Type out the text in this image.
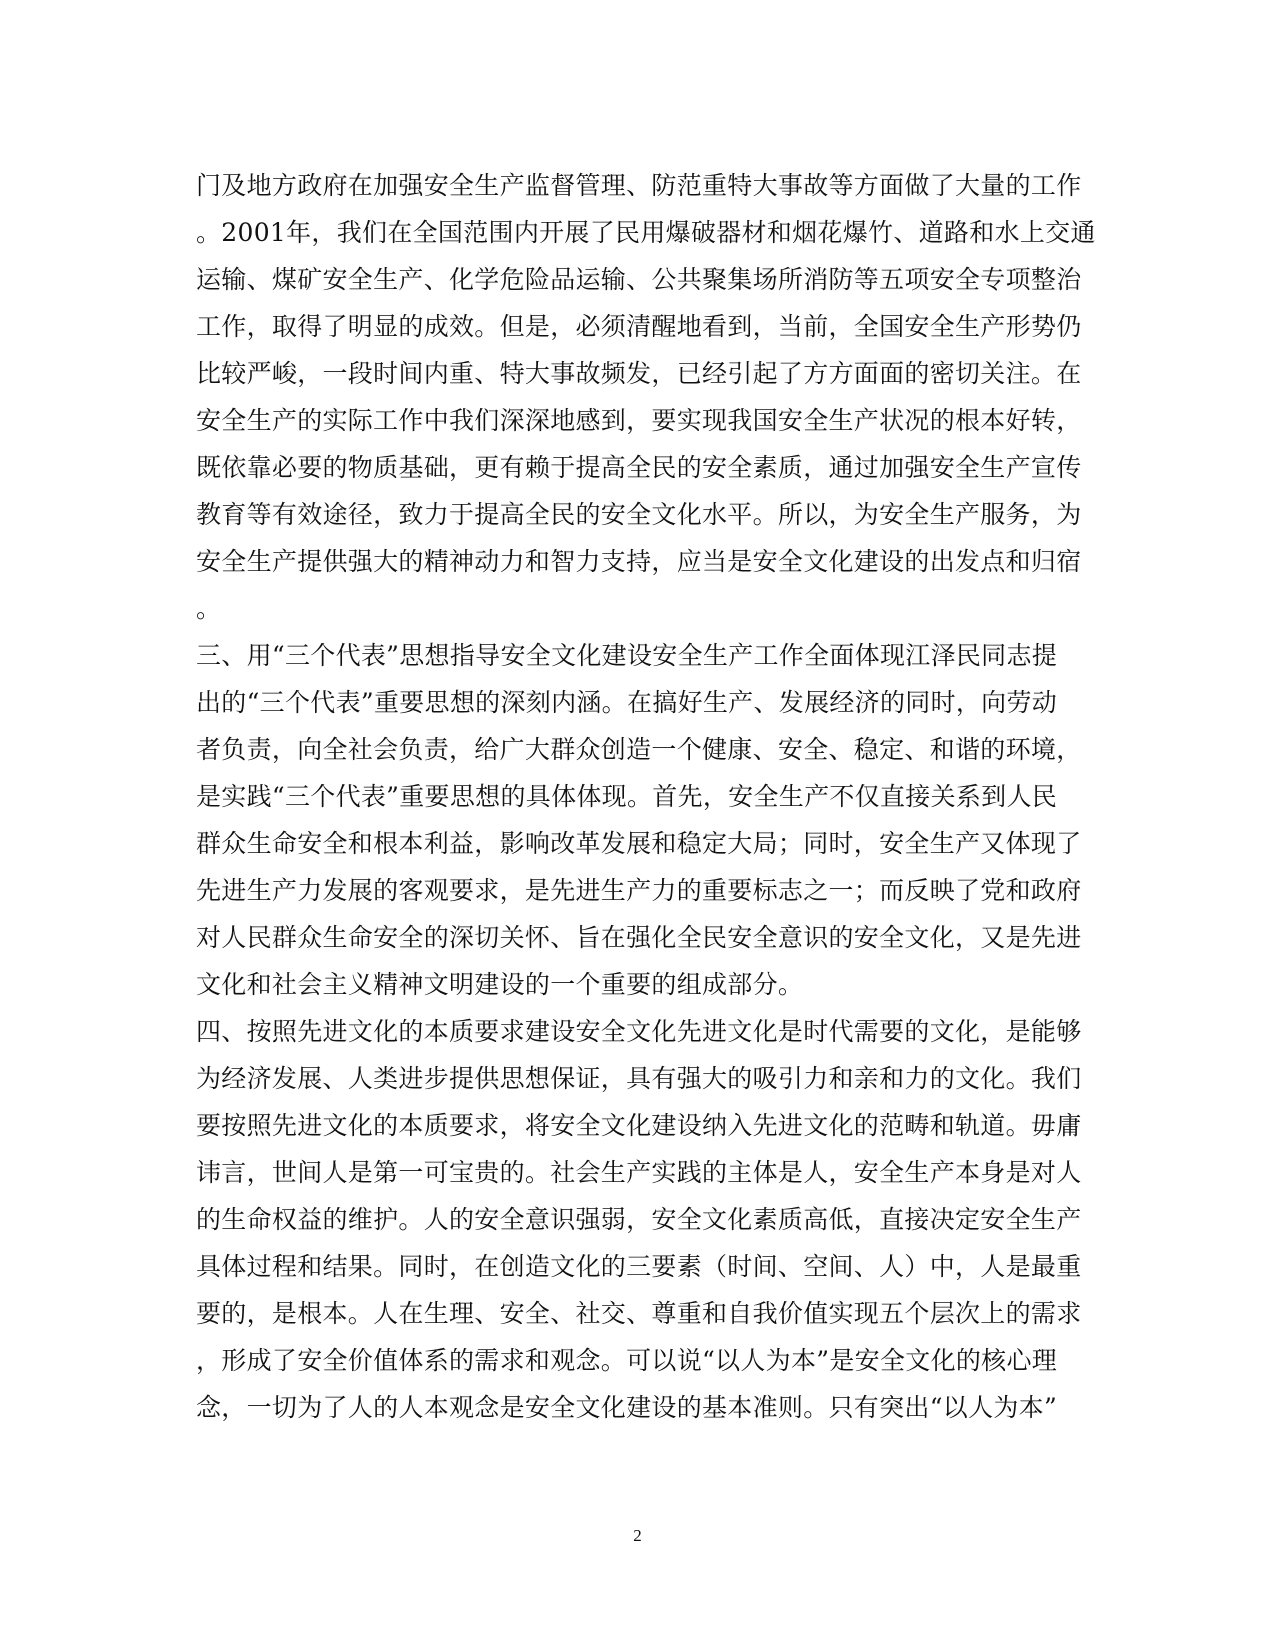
门及地方政府在加强安全生产监督管理、防范重特大事故等方面做了大量的工作
。2001年，我们在全国范围内开展了民用爆破器材和烟花爆竹、道路和水上交通
运输、煤矿安全生产、化学危险品运输、公共聚集场所消防等五项安全专项整治
工作，取得了明显的成效。但是，必须清醒地看到，当前，全国安全生产形势仍
比较严峻，一段时间内重、特大事故频发，已经引起了方方面面的密切关注。在
安全生产的实际工作中我们深深地感到，要实现我国安全生产状况的根本好转，
既依靠必要的物质基础，更有赖于提高全民的安全素质，通过加强安全生产宣传
教育等有效途径，致力于提高全民的安全文化水平。所以，为安全生产服务，为
安全生产提供强大的精神动力和智力支持，应当是安全文化建设的出发点和归宿
。
三、用“三个代表”思想指导安全文化建设安全生产工作全面体现江泽民同志提
出的“三个代表”重要思想的深刻内涵。在搞好生产、发展经济的同时，向劳动
者负责，向全社会负责，给广大群众创造一个健康、安全、稳定、和谐的环境，
是实践“三个代表”重要思想的具体体现。首先，安全生产不仅直接关系到人民
群众生命安全和根本利益，影响改革发展和稳定大局；同时，安全生产又体现了
先进生产力发展的客观要求，是先进生产力的重要标志之一；而反映了党和政府
对人民群众生命安全的深切关怀、旨在强化全民安全意识的安全文化，又是先进
文化和社会主义精神文明建设的一个重要的组成部分。
四、按照先进文化的本质要求建设安全文化先进文化是时代需要的文化，是能够
为经济发展、人类进步提供思想保证，具有强大的吸引力和亲和力的文化。我们
要按照先进文化的本质要求，将安全文化建设纳入先进文化的范畴和轨道。毋庸
讳言，世间人是第一可宝贵的。社会生产实践的主体是人，安全生产本身是对人
的生命权益的维护。人的安全意识强弱，安全文化素质高低，直接决定安全生产
具体过程和结果。同时，在创造文化的三要素（时间、空间、人）中，人是最重
要的，是根本。人在生理、安全、社交、尊重和自我价值实现五个层次上的需求
，形成了安全价值体系的需求和观念。可以说“以人为本”是安全文化的核心理
念，一切为了人的人本观念是安全文化建设的基本准则。只有突出“以人为本”
2
